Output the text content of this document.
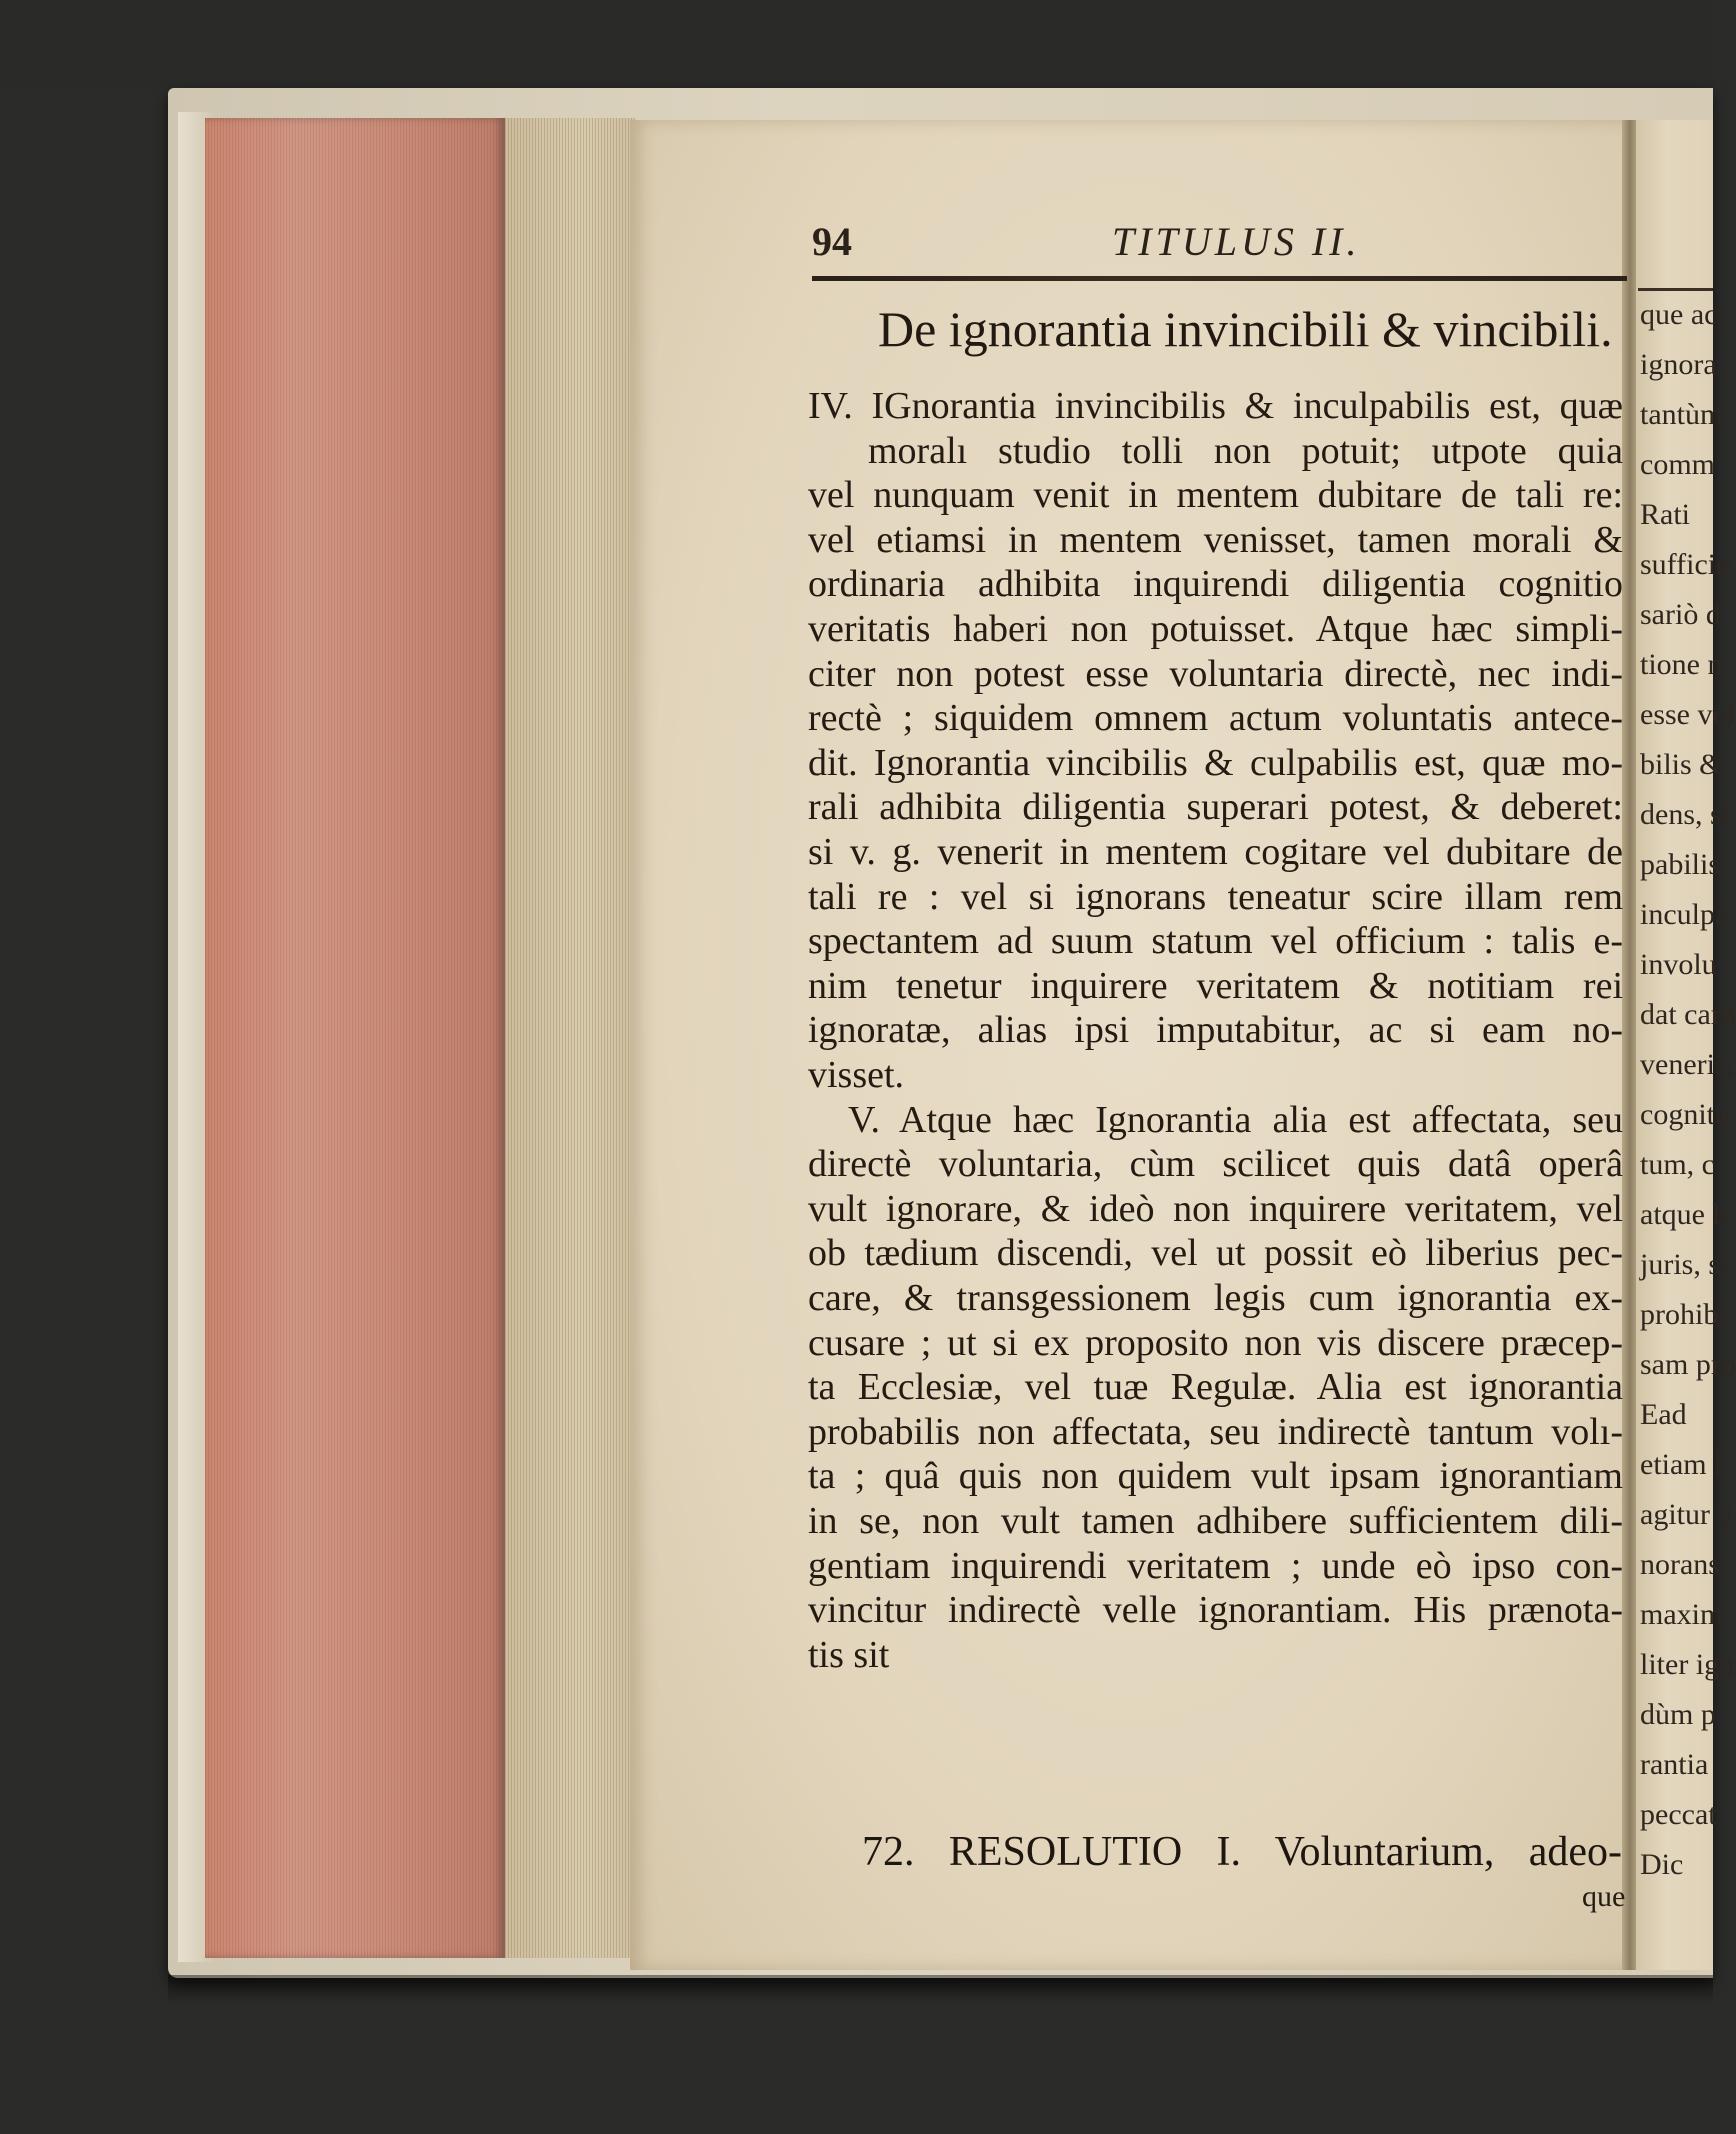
que act
ignora
tantùm
comm
Rati
sufficie
sariò d
tione n
esse vol
bilis &
dens, si
pabilis
inculpa
involu
dat carn
veneris,
cognitu
tum, c
atque h
juris, si
prohibi
sam pro
Ead
etiam i
agitur v
norans
maxim
liter ign
dùm p
rantia
peccat
Dic
94	TITULUS II.
De ignorantia invincibili & vincibili.
IV. IGnorantia invincibilis & inculpabilis est, quæ
moralı studio tolli non potuit; utpote quia
vel nunquam venit in mentem dubitare de tali re:
vel etiamsi in mentem venisset, tamen morali &
ordinaria adhibita inquirendi diligentia cognitio
veritatis haberi non potuisset. Atque hæc simpli-
citer non potest esse voluntaria directè, nec indi-
rectè ; siquidem omnem actum voluntatis antece-
dit. Ignorantia vincibilis & culpabilis est, quæ mo-
rali adhibita diligentia superari potest, & deberet:
si v. g. venerit in mentem cogitare vel dubitare de
tali re : vel si ignorans teneatur scire illam rem
spectantem ad suum statum vel officium : talis e-
nim tenetur inquirere veritatem & notitiam rei
ignoratæ, alias ipsi imputabitur, ac si eam no-
visset.
V. Atque hæc Ignorantia alia est affectata, seu
directè voluntaria, cùm scilicet quis datâ operâ
vult ignorare, & ideò non inquirere veritatem, vel
ob tædium discendi, vel ut possit eò liberius pec-
care, & transgessionem legis cum ignorantia ex-
cusare ; ut si ex proposito non vis discere præcep-
ta Ecclesiæ, vel tuæ Regulæ. Alia est ignorantia
probabilis non affectata, seu indirectè tantum volı-
ta ; quâ quis non quidem vult ipsam ignorantiam
in se, non vult tamen adhibere sufficientem dili-
gentiam inquirendi veritatem ; unde eò ipso con-
vincitur indirectè velle ignorantiam. His prænota-
tis sit
72. RESOLUTIO I. Voluntarium, adeo-
que
